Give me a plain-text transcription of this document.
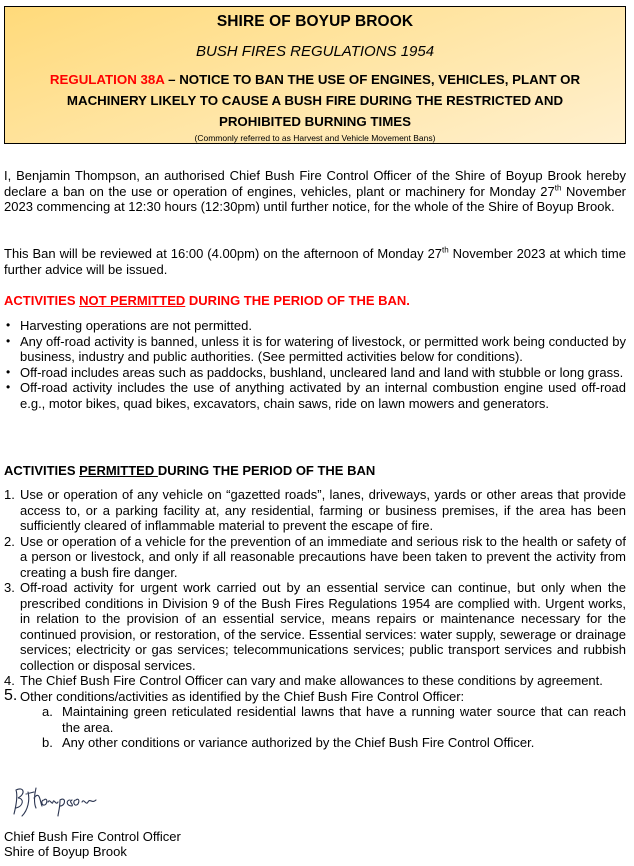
SHIRE OF BOYUP BROOK
BUSH FIRES REGULATIONS 1954
REGULATION 38A – NOTICE TO BAN THE USE OF ENGINES, VEHICLES, PLANT OR MACHINERY LIKELY TO CAUSE A BUSH FIRE DURING THE RESTRICTED AND PROHIBITED BURNING TIMES
(Commonly referred to as Harvest and Vehicle Movement Bans)
I, Benjamin Thompson, an authorised Chief Bush Fire Control Officer of the Shire of Boyup Brook hereby declare a ban on the use or operation of engines, vehicles, plant or machinery for Monday 27th November 2023 commencing at 12:30 hours (12:30pm) until further notice, for the whole of the Shire of Boyup Brook.
This Ban will be reviewed at 16:00 (4.00pm) on the afternoon of Monday 27th November 2023 at which time further advice will be issued.
ACTIVITIES NOT PERMITTED DURING THE PERIOD OF THE BAN.
• Harvesting operations are not permitted.
• Any off-road activity is banned, unless it is for watering of livestock, or permitted work being conducted by business, industry and public authorities. (See permitted activities below for conditions).
• Off-road includes areas such as paddocks, bushland, uncleared land and land with stubble or long grass.
• Off-road activity includes the use of anything activated by an internal combustion engine used off-road e.g., motor bikes, quad bikes, excavators, chain saws, ride on lawn mowers and generators.
ACTIVITIES PERMITTED DURING THE PERIOD OF THE BAN
1. Use or operation of any vehicle on “gazetted roads”, lanes, driveways, yards or other areas that provide access to, or a parking facility at, any residential, farming or business premises, if the area has been sufficiently cleared of inflammable material to prevent the escape of fire.
2. Use or operation of a vehicle for the prevention of an immediate and serious risk to the health or safety of a person or livestock, and only if all reasonable precautions have been taken to prevent the activity from creating a bush fire danger.
3. Off-road activity for urgent work carried out by an essential service can continue, but only when the prescribed conditions in Division 9 of the Bush Fires Regulations 1954 are complied with. Urgent works, in relation to the provision of an essential service, means repairs or maintenance necessary for the continued provision, or restoration, of the service. Essential services: water supply, sewerage or drainage services; electricity or gas services; telecommunications services; public transport services and rubbish collection or disposal services.
4. The Chief Bush Fire Control Officer can vary and make allowances to these conditions by agreement.
5. Other conditions/activities as identified by the Chief Bush Fire Control Officer:
a. Maintaining green reticulated residential lawns that have a running water source that can reach the area.
b. Any other conditions or variance authorized by the Chief Bush Fire Control Officer.
Chief Bush Fire Control Officer
Shire of Boyup Brook
